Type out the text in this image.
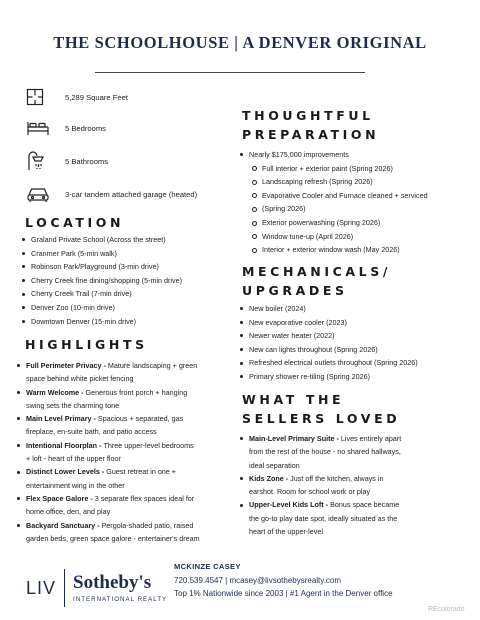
THE SCHOOLHOUSE | A DENVER ORIGINAL
5,289 Square Feet
5 Bedrooms
5 Bathrooms
3-car tandem attached garage (heated)
LOCATION
Graland Private School (Across the street)
Cranmer Park (5-min walk)
Robinson Park/Playground (3-min drive)
Cherry Creek fine dining/shopping (5-min drive)
Cherry Creek Trail (7-min drive)
Denver Zoo (10-min drive)
Downtown Denver (15-min drive)
HIGHLIGHTS
Full Perimeter Privacy - Mature landscaping + green
space behind white picket fencing
Warm Welcome - Generous front porch + hanging
swing sets the charming tone
Main Level Primary - Spacious + separated, gas
fireplace, en-suite bath, and patio access
Intentional Floorplan - Three upper-level bedrooms
+ loft - heart of the upper floor
Distinct Lower Levels - Guest retreat in one +
entertainment wing in the other
Flex Space Galore - 3 separate flex spaces ideal for
home office, den, and play
Backyard Sanctuary - Pergola-shaded patio, raised
garden beds, green space galore - entertainer's dream
THOUGHTFUL
PREPARATION
Nearly $175,000 improvements
Full interior + exterior paint (Spring 2026)
Landscaping refresh (Spring 2026)
Evaporative Cooler and Furnace cleaned + serviced
(Spring 2026)
Exterior powerwashing (Spring 2026)
Window tune-up (April 2026)
Interior + exterior window wash (May 2026)
MECHANICALS/
UPGRADES
New boiler (2024)
New evaporative cooler (2023)
Newer water heater (2022)
New can lights throughout (Spring 2026)
Refreshed electrical outlets throughout (Spring 2026)
Primary shower re-tiling (Spring 2026)
WHAT THE
SELLERS LOVED
Main-Level Primary Suite - Lives entirely apart
from the rest of the house - no shared hallways,
ideal separation
Kids Zone - Just off the kitchen, always in
earshot. Room for school work or play
Upper-Level Kids Loft - Bonus space became
the go-to play date spot, ideally situated as the
heart of the upper-level
LIV Sotheby's
INTERNATIONAL REALTY
MCKINZE CASEY
720.539.4547 | mcasey@livsothebysrealty.com
Top 1% Nationwide since 2003 | #1 Agent in the Denver office
REcolorado
